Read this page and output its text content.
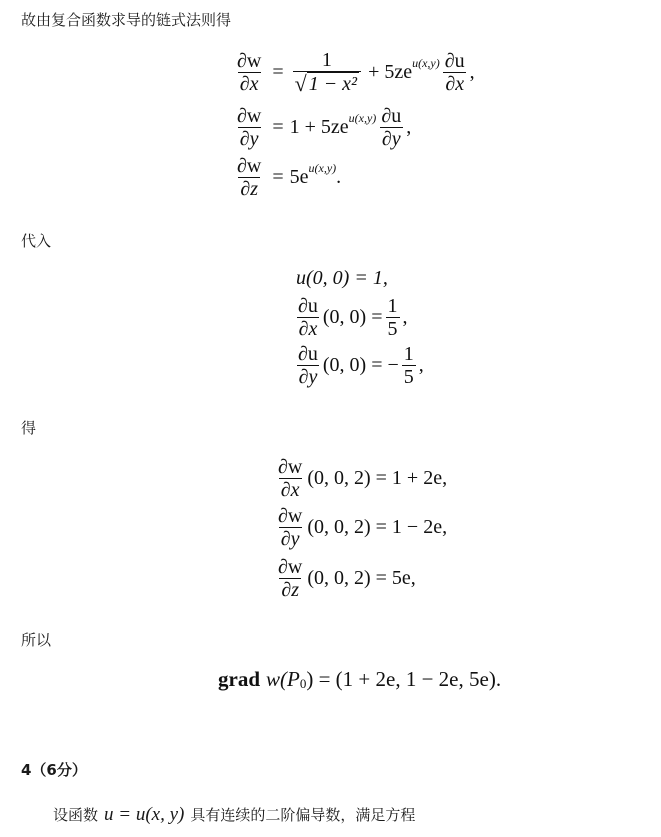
故由复合函数求导的链式法则得
$\frac{\partial w}{\partial x} = \frac{1}{\text{√ 1 − x²}} + 5ze$ $u(x,y) \frac{\partial u}{\partial x}$ ,
$\frac{\partial w}{\partial y} = 1 + 5ze$ $u(x,y) \frac{\partial u}{\partial y}$ ,
$\frac{\partial w}{\partial z} = 5e$ u(x,y) .
代入
u(0, 0) = 1,
$\frac{\partial u}{\partial x} (0$, $0) = \frac{1}{5}$ ,
$\frac{\partial u}{\partial y} (0$, 0) = − $\frac{1}{5}$ ,
得
$\frac{\partial w}{\partial x} (0$, 0, 2) = 1 + 2e,
$\frac{\partial w}{\partial y} (0$, 0, 2) = 1 − 2e,
$\frac{\partial w}{\partial z} (0$, 0, 2) = 5e,
所以
grad w (P 0 ) = (1 + 2e, 1 − 2e, 5e).
4（6分）
设函数 u = u(x, y) 具有连续的二阶偏导数，满足方程
